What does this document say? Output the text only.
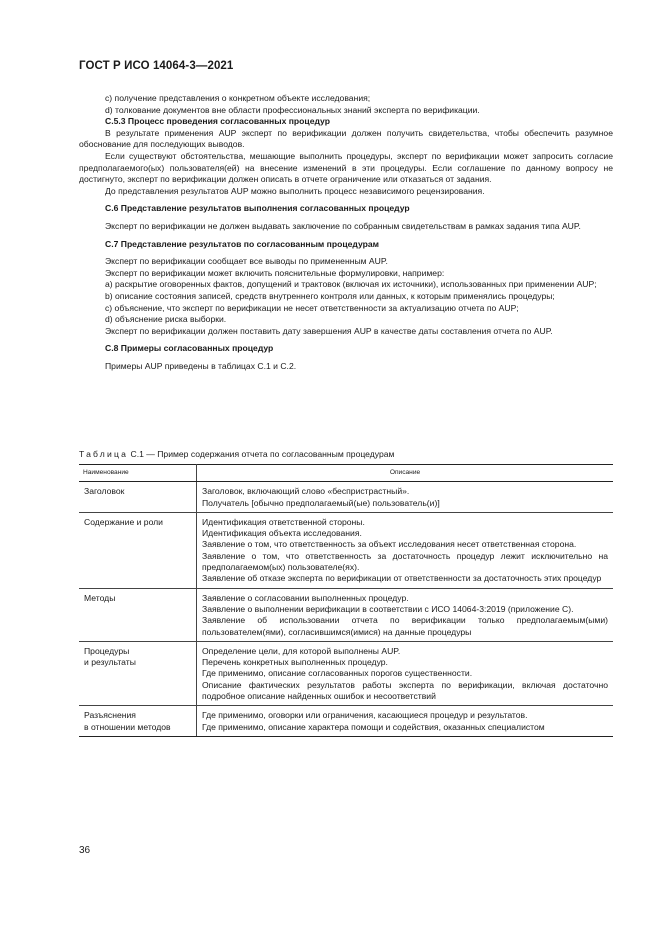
ГОСТ Р ИСО 14064-3—2021

c) получение представления о конкретном объекте исследования;

d) толкование документов вне области профессиональных знаний эксперта по верификации.

С.5.3 Процесс проведения согласованных процедур

В результате применения AUP эксперт по верификации должен получить свидетельства, чтобы обеспечить разумное обоснование для последующих выводов.

Если существуют обстоятельства, мешающие выполнить процедуры, эксперт по верификации может запросить согласие предполагаемого(ых) пользователя(ей) на внесение изменений в эти процедуры. Если соглашение по данному вопросу не достигнуто, эксперт по верификации должен описать в отчете ограничение или отказаться от задания.

До представления результатов AUP можно выполнить процесс независимого рецензирования.

С.6 Представление результатов выполнения согласованных процедур

Эксперт по верификации не должен выдавать заключение по собранным свидетельствам в рамках задания типа AUP.

С.7 Представление результатов по согласованным процедурам

Эксперт по верификации сообщает все выводы по примененным AUP.

Эксперт по верификации может включить пояснительные формулировки, например:

a) раскрытие оговоренных фактов, допущений и трактовок (включая их источники), использованных при применении AUP;

b) описание состояния записей, средств внутреннего контроля или данных, к которым применялись процедуры;

c) объяснение, что эксперт по верификации не несет ответственности за актуализацию отчета по AUP;

d) объяснение риска выборки.

Эксперт по верификации должен поставить дату завершения AUP в качестве даты составления отчета по AUP.

С.8 Примеры согласованных процедур

Примеры AUP приведены в таблицах С.1 и С.2.

Таблица С.1 — Пример содержания отчета по согласованным процедурам
Наименование	Описание

Заголовок	Заголовок, включающий слово «беспристрастный».
Получатель [обычно предполагаемый(ые) пользователь(и)]

Содержание и роли	Идентификация ответственной стороны.
Идентификация объекта исследования.
Заявление о том, что ответственность за объект исследования несет ответственная сторона.
Заявление о том, что ответственность за достаточность процедур лежит исключительно на предполагаемом(ых) пользователе(ях).
Заявление об отказе эксперта по верификации от ответственности за достаточность этих процедур

Методы	Заявление о согласовании выполненных процедур.
Заявление о выполнении верификации в соответствии с ИСО 14064-3:2019 (приложение С).
Заявление об использовании отчета по верификации только предполагаемым(ыми) пользователем(ями), согласившимся(имися) на данные процедуры

Процедуры
и результаты	Определение цели, для которой выполнены AUP.
Перечень конкретных выполненных процедур.
Где применимо, описание согласованных порогов существенности.
Описание фактических результатов работы эксперта по верификации, включая достаточно подробное описание найденных ошибок и несоответствий

Разъяснения
в отношении методов	Где применимо, оговорки или ограничения, касающиеся процедур и результатов.
Где применимо, описание характера помощи и содействия, оказанных специалистом
36
